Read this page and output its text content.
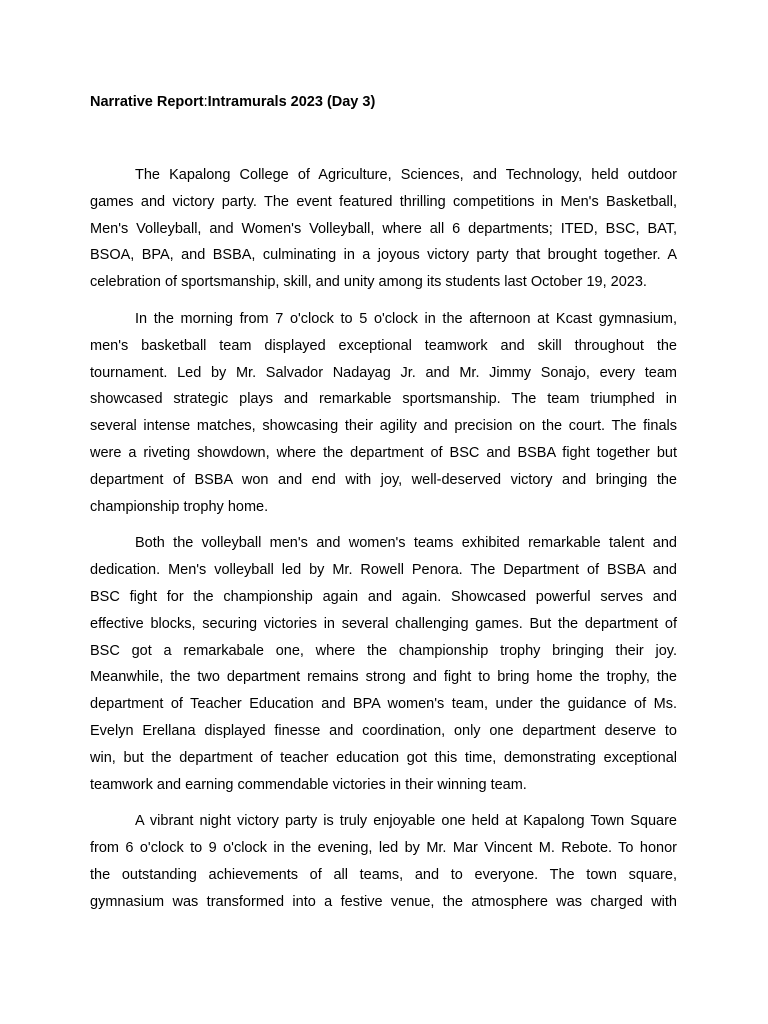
Narrative Report:Intramurals 2023 (Day 3)
The Kapalong College of Agriculture, Sciences, and Technology, held outdoor
games and victory party. The event featured thrilling competitions in Men's Basketball,
Men's Volleyball, and Women's Volleyball, where all 6 departments; ITED, BSC, BAT,
BSOA, BPA, and BSBA, culminating in a joyous victory party that brought together. A
celebration of sportsmanship, skill, and unity among its students last October 19, 2023.
In the morning from 7 o'clock to 5 o'clock in the afternoon at Kcast gymnasium,
men's basketball team displayed exceptional teamwork and skill throughout the
tournament. Led by Mr. Salvador Nadayag Jr. and Mr. Jimmy Sonajo, every team
showcased strategic plays and remarkable sportsmanship. The team triumphed in
several intense matches, showcasing their agility and precision on the court. The finals
were a riveting showdown, where the department of BSC and BSBA fight together but
department of BSBA won and end with joy, well-deserved victory and bringing the
championship trophy home.
Both the volleyball men's and women's teams exhibited remarkable talent and
dedication. Men's volleyball led by Mr. Rowell Penora. The Department of BSBA and
BSC fight for the championship again and again. Showcased powerful serves and
effective blocks, securing victories in several challenging games. But the department of
BSC got a remarkabale one, where the championship trophy bringing their joy.
Meanwhile, the two department remains strong and fight to bring home the trophy, the
department of Teacher Education and BPA women's team, under the guidance of Ms.
Evelyn Erellana displayed finesse and coordination, only one department deserve to
win, but the department of teacher education got this time, demonstrating exceptional
teamwork and earning commendable victories in their winning team.
A vibrant night victory party is truly enjoyable one held at Kapalong Town Square
from 6 o'clock to 9 o'clock in the evening, led by Mr. Mar Vincent M. Rebote. To honor
the outstanding achievements of all teams, and to everyone. The town square,
gymnasium was transformed into a festive venue, the atmosphere was charged with
